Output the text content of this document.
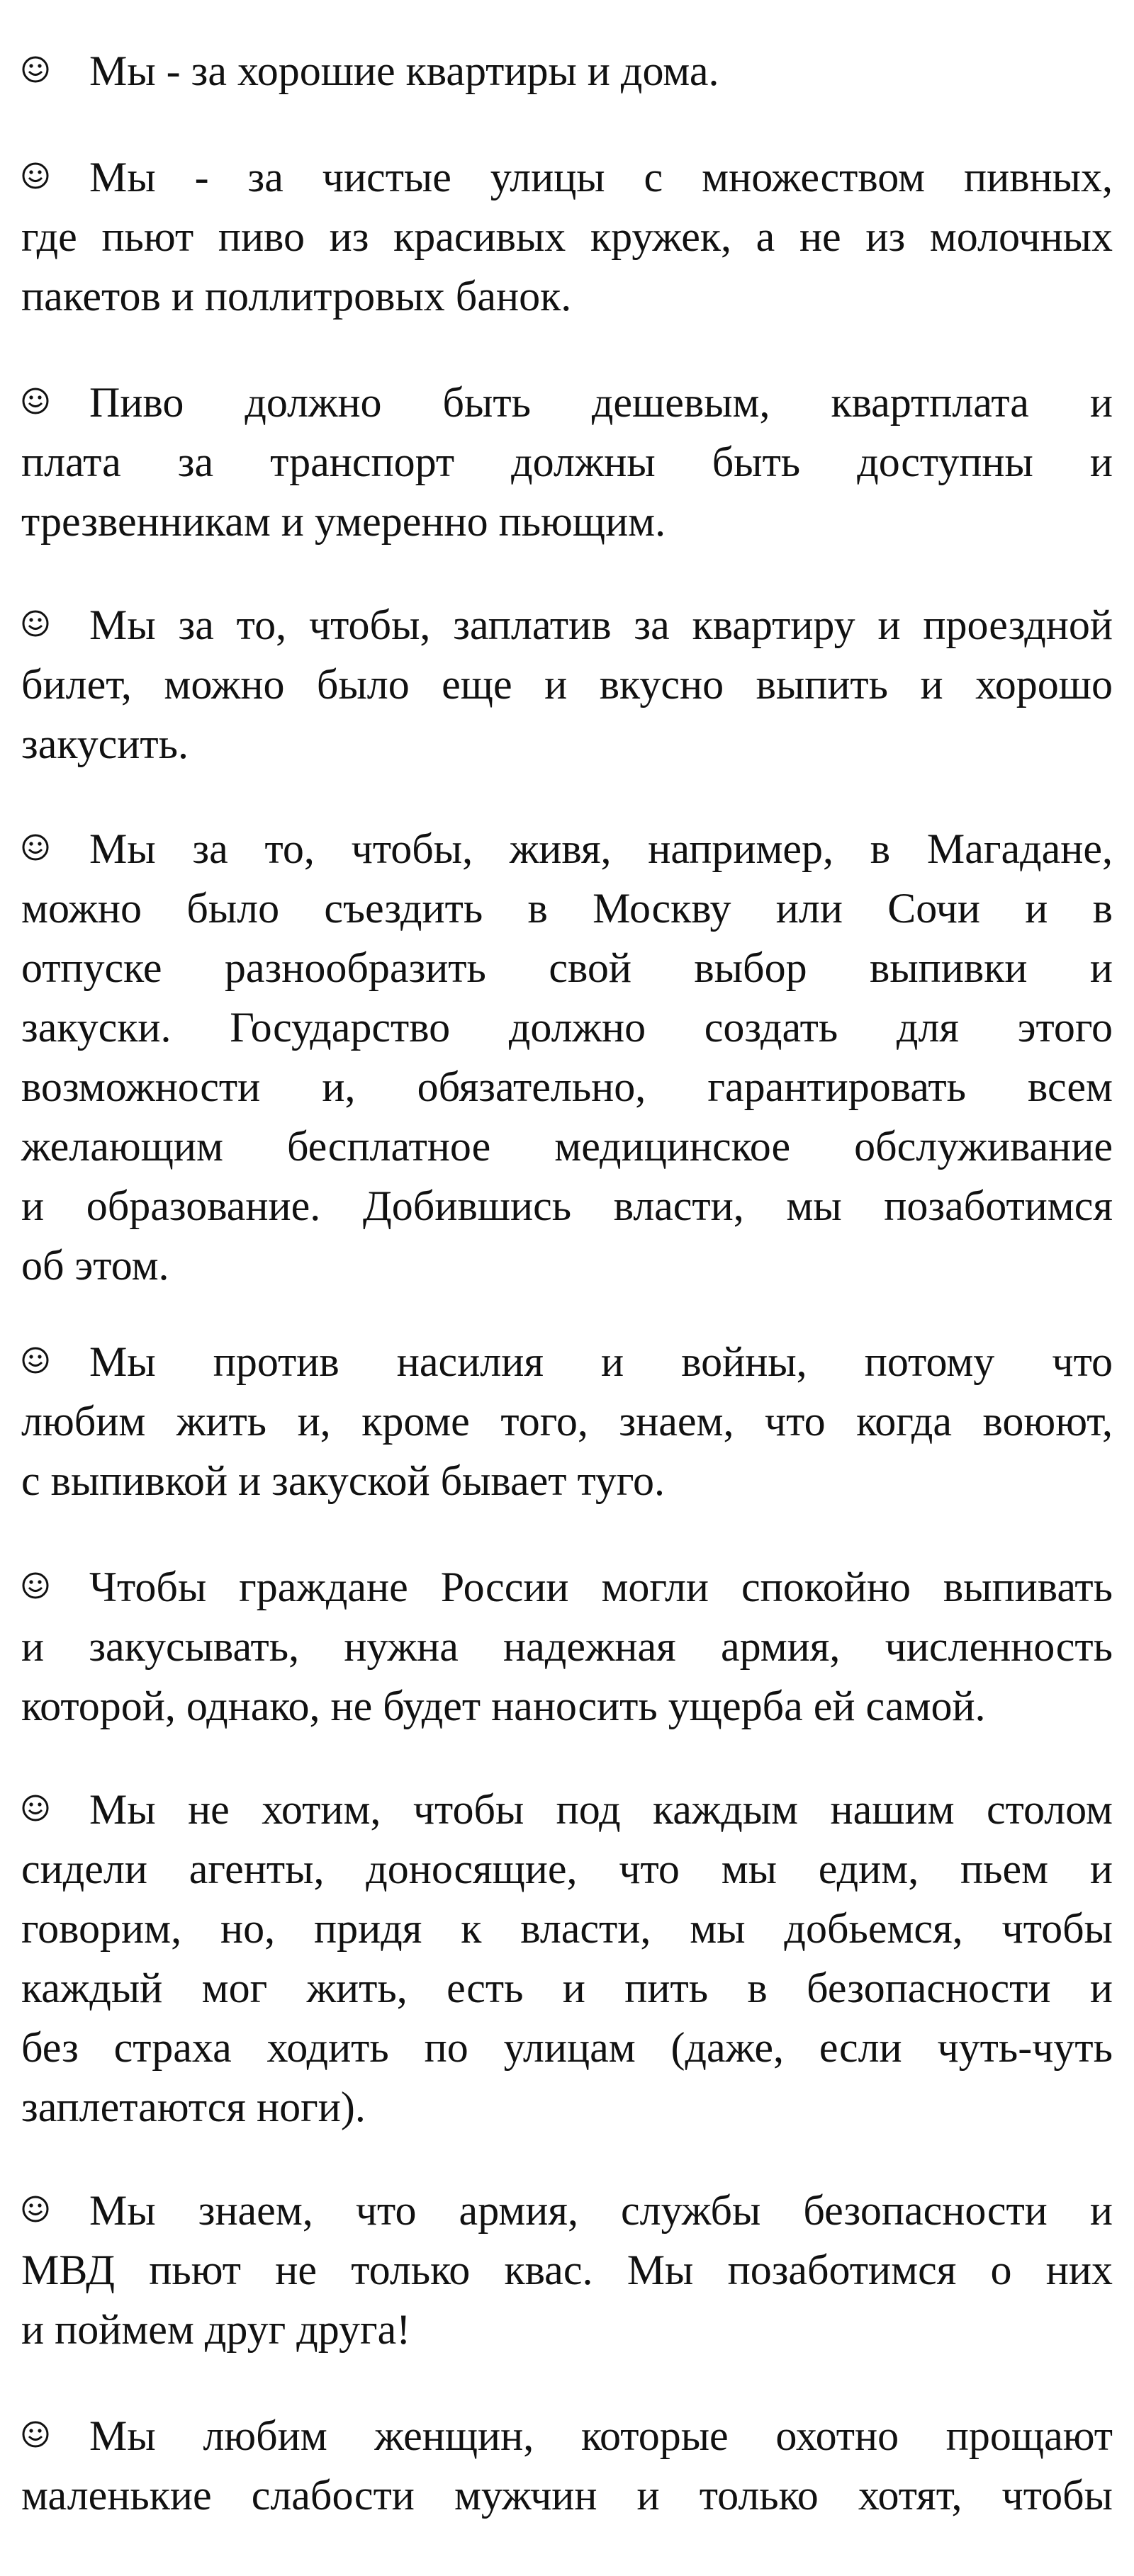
Мы - за хорошие квартиры и дома.
Мы - за чистые улицы с множеством пивных,
где пьют пиво из красивых кружек, а не из молочных
пакетов и поллитровых банок.
Пиво должно быть дешевым, квартплата и
плата за транспорт должны быть доступны и
трезвенникам и умеренно пьющим.
Мы за то, чтобы, заплатив за квартиру и проездной
билет, можно было еще и вкусно выпить и хорошо
закусить.
Мы за то, чтобы, живя, например, в Магадане,
можно было съездить в Москву или Сочи и в
отпуске разнообразить свой выбор выпивки и
закуски. Государство должно создать для этого
возможности и, обязательно, гарантировать всем
желающим бесплатное медицинское обслуживание
и образование. Добившись власти, мы позаботимся
об этом.
Мы против насилия и войны, потому что
любим жить и, кроме того, знаем, что когда воюют,
с выпивкой и закуской бывает туго.
Чтобы граждане России могли спокойно выпивать
и закусывать, нужна надежная армия, численность
которой, однако, не будет наносить ущерба ей самой.
Мы не хотим, чтобы под каждым нашим столом
сидели агенты, доносящие, что мы едим, пьем и
говорим, но, придя к власти, мы добьемся, чтобы
каждый мог жить, есть и пить в безопасности и
без страха ходить по улицам (даже, если чуть-чуть
заплетаются ноги).
Мы знаем, что армия, службы безопасности и
МВД пьют не только квас. Мы позаботимся о них
и поймем друг друга!
Мы любим женщин, которые охотно прощают
маленькие слабости мужчин и только хотят, чтобы
